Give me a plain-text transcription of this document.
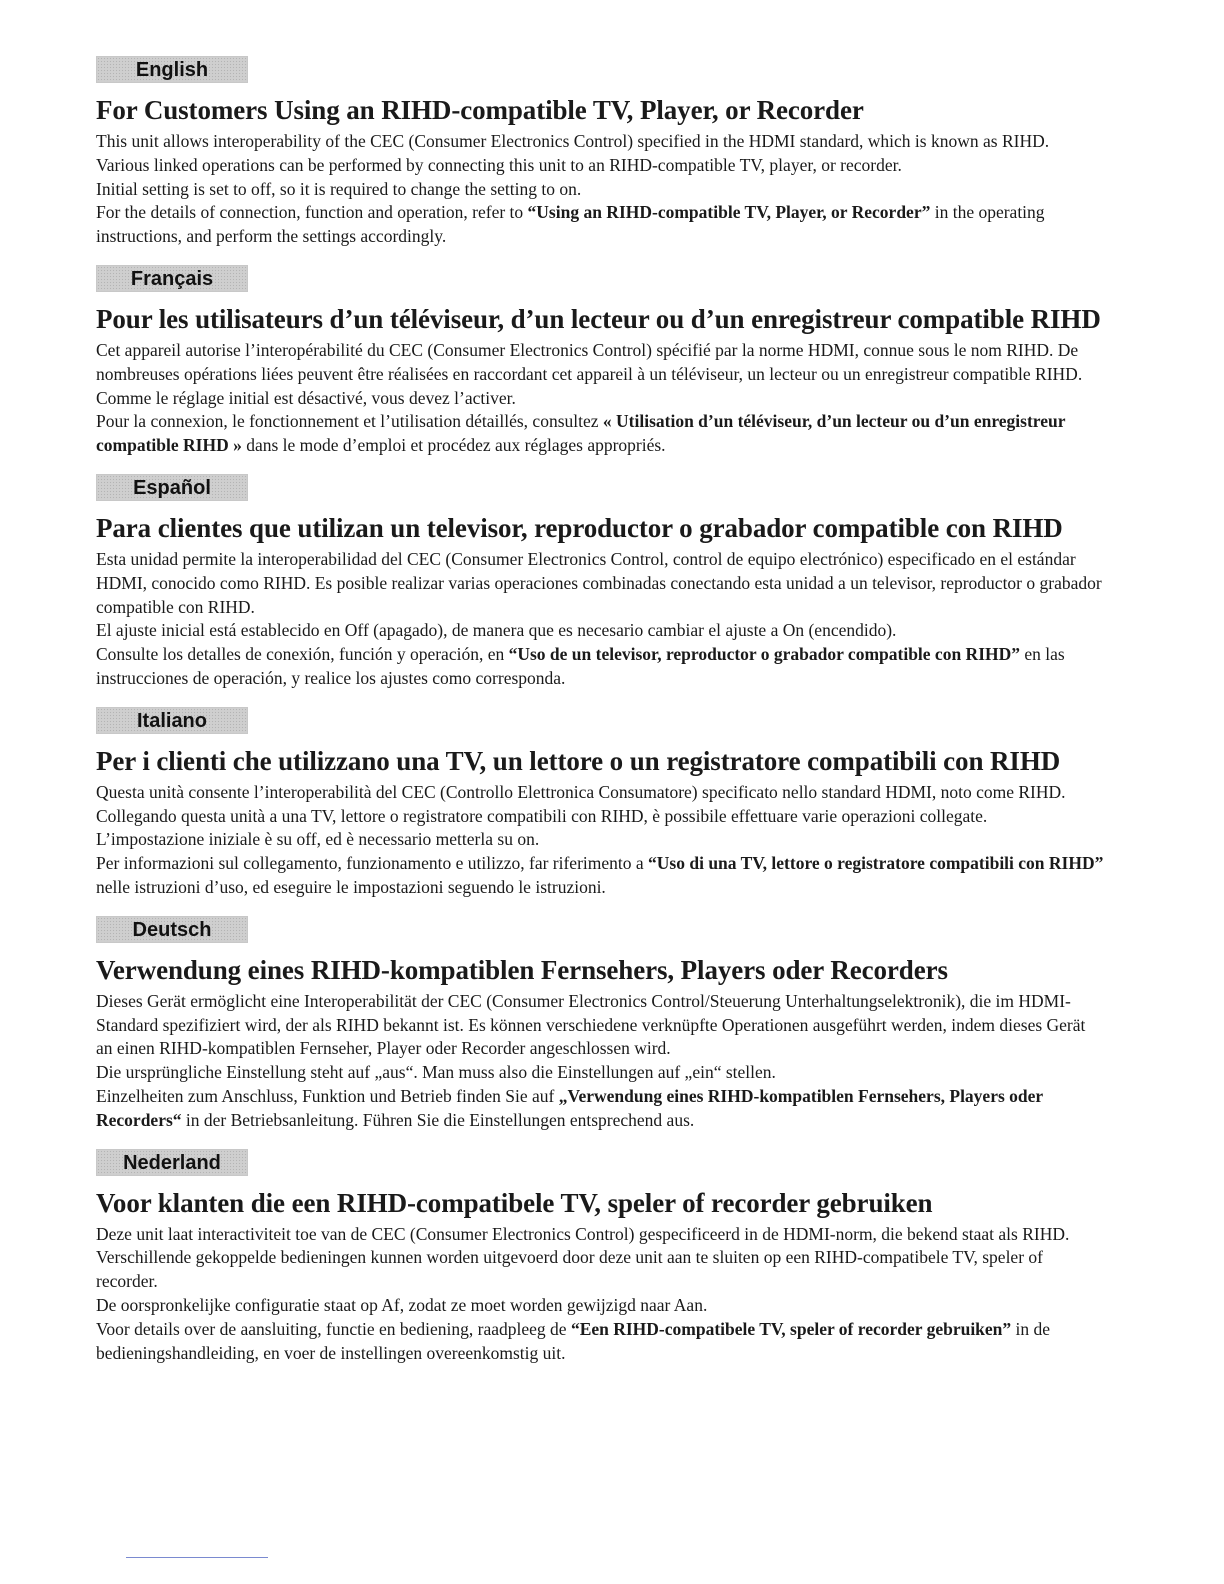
English
For Customers Using an RIHD-compatible TV, Player, or Recorder

This unit allows interoperability of the CEC (Consumer Electronics Control) specified in the HDMI standard, which is known as RIHD. Various linked operations can be performed by connecting this unit to an RIHD-compatible TV, player, or recorder.

Initial setting is set to off, so it is required to change the setting to on.

For the details of connection, function and operation, refer to “Using an RIHD-compatible TV, Player, or Recorder” in the operating instructions, and perform the settings accordingly.

Français
Pour les utilisateurs d’un téléviseur, d’un lecteur ou d’un enregistreur compatible RIHD

Cet appareil autorise l’interopérabilité du CEC (Consumer Electronics Control) spécifié par la norme HDMI, connue sous le nom RIHD. De nombreuses opérations liées peuvent être réalisées en raccordant cet appareil à un téléviseur, un lecteur ou un enregistreur compatible RIHD.

Comme le réglage initial est désactivé, vous devez l’activer.

Pour la connexion, le fonctionnement et l’utilisation détaillés, consultez « Utilisation d’un téléviseur, d’un lecteur ou d’un enregistreur compatible RIHD » dans le mode d’emploi et procédez aux réglages appropriés.

Español
Para clientes que utilizan un televisor, reproductor o grabador compatible con RIHD

Esta unidad permite la interoperabilidad del CEC (Consumer Electronics Control, control de equipo electrónico) especificado en el estándar HDMI, conocido como RIHD. Es posible realizar varias operaciones combinadas conectando esta unidad a un televisor, reproductor o grabador compatible con RIHD.

El ajuste inicial está establecido en Off (apagado), de manera que es necesario cambiar el ajuste a On (encendido).

Consulte los detalles de conexión, función y operación, en “Uso de un televisor, reproductor o grabador compatible con RIHD” en las instrucciones de operación, y realice los ajustes como corresponda.

Italiano
Per i clienti che utilizzano una TV, un lettore o un registratore compatibili con RIHD

Questa unità consente l’interoperabilità del CEC (Controllo Elettronica Consumatore) specificato nello standard HDMI, noto come RIHD. Collegando questa unità a una TV, lettore o registratore compatibili con RIHD, è possibile effettuare varie operazioni collegate.

L’impostazione iniziale è su off, ed è necessario metterla su on.

Per informazioni sul collegamento, funzionamento e utilizzo, far riferimento a “Uso di una TV, lettore o registratore compatibili con RIHD” nelle istruzioni d’uso, ed eseguire le impostazioni seguendo le istruzioni.

Deutsch
Verwendung eines RIHD-kompatiblen Fernsehers, Players oder Recorders

Dieses Gerät ermöglicht eine Interoperabilität der CEC (Consumer Electronics Control/Steuerung Unterhaltungselektronik), die im HDMI-Standard spezifiziert wird, der als RIHD bekannt ist. Es können verschiedene verknüpfte Operationen ausgeführt werden, indem dieses Gerät an einen RIHD-kompatiblen Fernseher, Player oder Recorder angeschlossen wird.

Die ursprüngliche Einstellung steht auf „aus“. Man muss also die Einstellungen auf „ein“ stellen.

Einzelheiten zum Anschluss, Funktion und Betrieb finden Sie auf „Verwendung eines RIHD-kompatiblen Fernsehers, Players oder Recorders“ in der Betriebsanleitung. Führen Sie die Einstellungen entsprechend aus.

Nederland
Voor klanten die een RIHD-compatibele TV, speler of recorder gebruiken

Deze unit laat interactiviteit toe van de CEC (Consumer Electronics Control) gespecificeerd in de HDMI-norm, die bekend staat als RIHD. Verschillende gekoppelde bedieningen kunnen worden uitgevoerd door deze unit aan te sluiten op een RIHD-compatibele TV, speler of recorder.

De oorspronkelijke configuratie staat op Af, zodat ze moet worden gewijzigd naar Aan.

Voor details over de aansluiting, functie en bediening, raadpleeg de “Een RIHD-compatibele TV, speler of recorder gebruiken” in de bedieningshandleiding, en voer de instellingen overeenkomstig uit.
